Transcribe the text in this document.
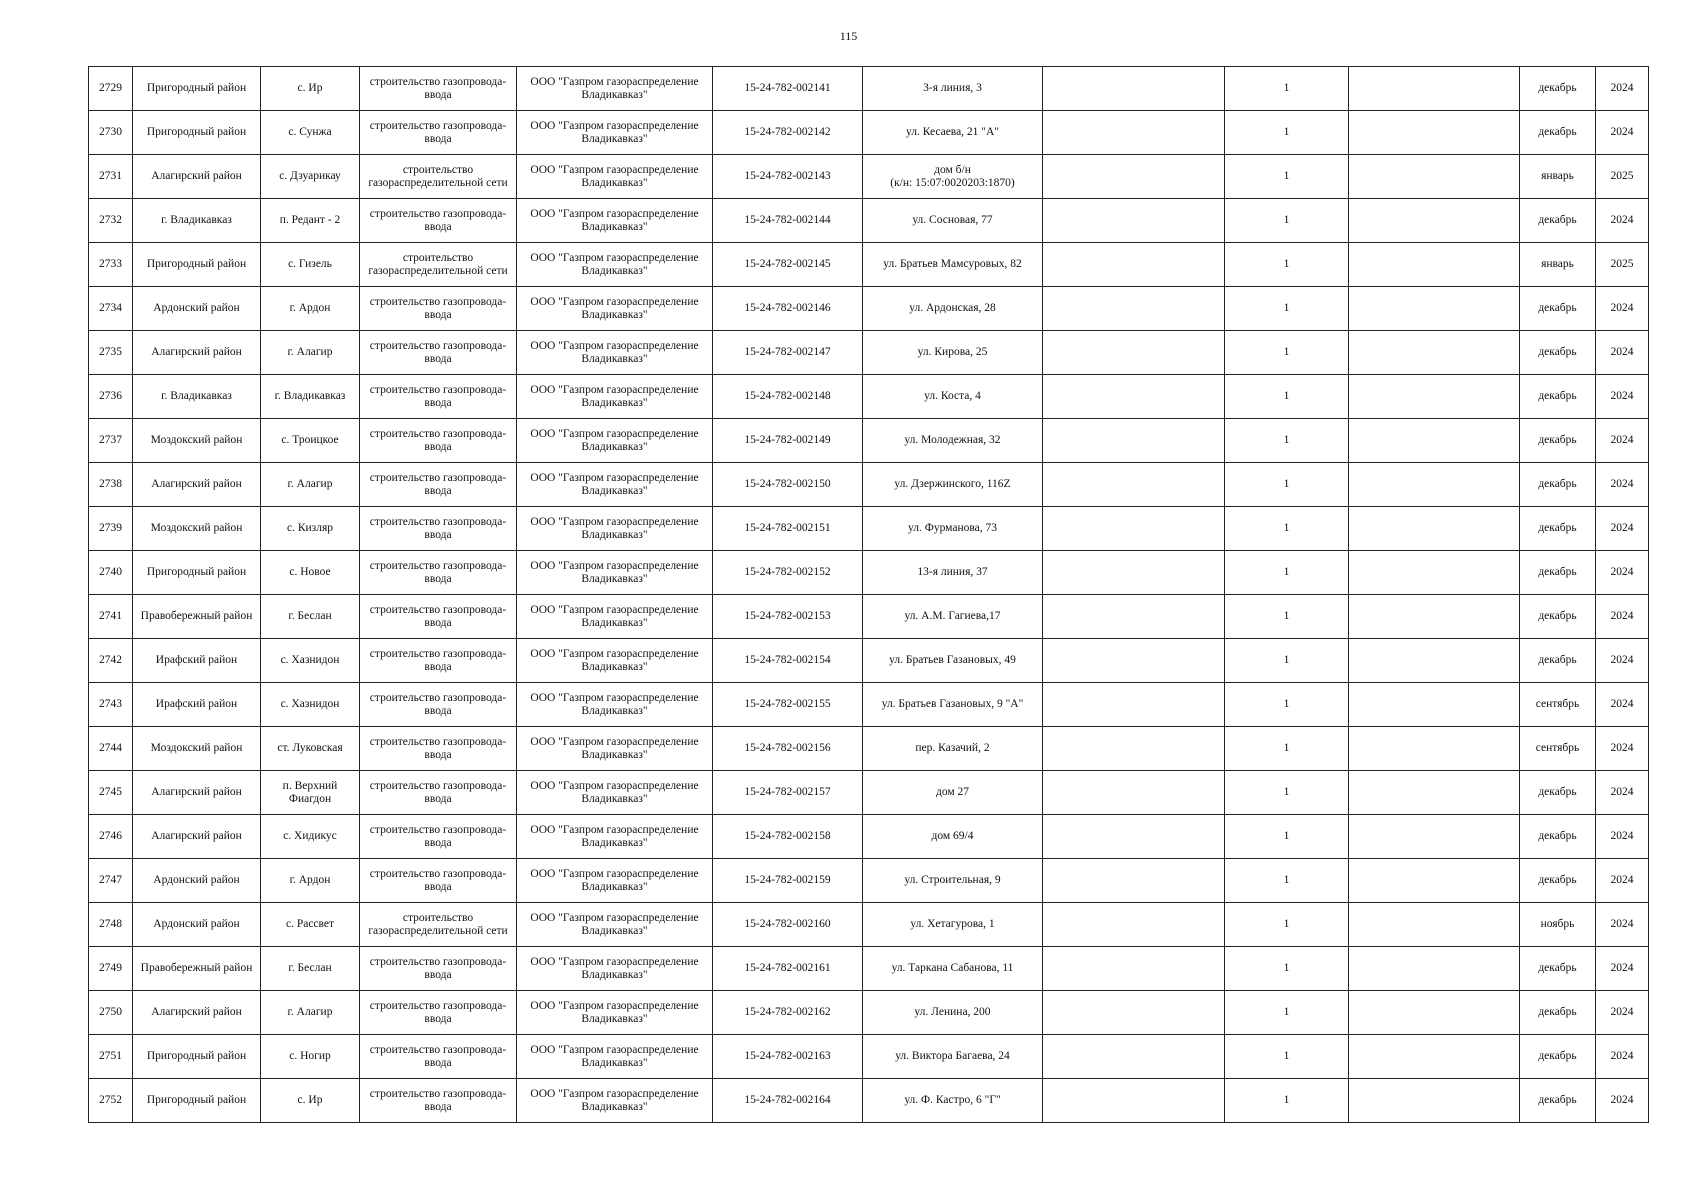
115
2729	Пригородный район	с. Ир	строительство газопровода-
ввода	ООО "Газпром газораспределение
Владикавказ"	15-24-782-002141	3-я линия, 3		1		декабрь	2024
2730	Пригородный район	с. Сунжа	строительство газопровода-
ввода	ООО "Газпром газораспределение
Владикавказ"	15-24-782-002142	ул. Кесаева, 21 "А"		1		декабрь	2024
2731	Алагирский район	с. Дзуарикау	строительство
газораспределительной сети	ООО "Газпром газораспределение
Владикавказ"	15-24-782-002143	дом б/н
(к/н: 15:07:0020203:1870)		1		январь	2025
2732	г. Владикавказ	п. Редант - 2	строительство газопровода-
ввода	ООО "Газпром газораспределение
Владикавказ"	15-24-782-002144	ул. Сосновая, 77		1		декабрь	2024
2733	Пригородный район	с. Гизель	строительство
газораспределительной сети	ООО "Газпром газораспределение
Владикавказ"	15-24-782-002145	ул. Братьев Мамсуровых, 82		1		январь	2025
2734	Ардонский район	г. Ардон	строительство газопровода-
ввода	ООО "Газпром газораспределение
Владикавказ"	15-24-782-002146	ул. Ардонская, 28		1		декабрь	2024
2735	Алагирский район	г. Алагир	строительство газопровода-
ввода	ООО "Газпром газораспределение
Владикавказ"	15-24-782-002147	ул. Кирова, 25		1		декабрь	2024
2736	г. Владикавказ	г. Владикавказ	строительство газопровода-
ввода	ООО "Газпром газораспределение
Владикавказ"	15-24-782-002148	ул. Коста, 4		1		декабрь	2024
2737	Моздокский район	с. Троицкое	строительство газопровода-
ввода	ООО "Газпром газораспределение
Владикавказ"	15-24-782-002149	ул. Молодежная, 32		1		декабрь	2024
2738	Алагирский район	г. Алагир	строительство газопровода-
ввода	ООО "Газпром газораспределение
Владикавказ"	15-24-782-002150	ул. Дзержинского, 116Z		1		декабрь	2024
2739	Моздокский район	с. Кизляр	строительство газопровода-
ввода	ООО "Газпром газораспределение
Владикавказ"	15-24-782-002151	ул. Фурманова, 73		1		декабрь	2024
2740	Пригородный район	с. Новое	строительство газопровода-
ввода	ООО "Газпром газораспределение
Владикавказ"	15-24-782-002152	13-я линия, 37		1		декабрь	2024
2741	Правобережный район	г. Беслан	строительство газопровода-
ввода	ООО "Газпром газораспределение
Владикавказ"	15-24-782-002153	ул. А.М. Гагиева,17		1		декабрь	2024
2742	Ирафский район	с. Хазнидон	строительство газопровода-
ввода	ООО "Газпром газораспределение
Владикавказ"	15-24-782-002154	ул. Братьев Газановых, 49		1		декабрь	2024
2743	Ирафский район	с. Хазнидон	строительство газопровода-
ввода	ООО "Газпром газораспределение
Владикавказ"	15-24-782-002155	ул. Братьев Газановых, 9 "А"		1		сентябрь	2024
2744	Моздокский район	ст. Луковская	строительство газопровода-
ввода	ООО "Газпром газораспределение
Владикавказ"	15-24-782-002156	пер. Казачий, 2		1		сентябрь	2024
2745	Алагирский район	п. Верхний Фиагдон	строительство газопровода-
ввода	ООО "Газпром газораспределение
Владикавказ"	15-24-782-002157	дом 27		1		декабрь	2024
2746	Алагирский район	с. Хидикус	строительство газопровода-
ввода	ООО "Газпром газораспределение
Владикавказ"	15-24-782-002158	дом 69/4		1		декабрь	2024
2747	Ардонский район	г. Ардон	строительство газопровода-
ввода	ООО "Газпром газораспределение
Владикавказ"	15-24-782-002159	ул. Строительная, 9		1		декабрь	2024
2748	Ардонский район	с. Рассвет	строительство
газораспределительной сети	ООО "Газпром газораспределение
Владикавказ"	15-24-782-002160	ул. Хетагурова, 1		1		ноябрь	2024
2749	Правобережный район	г. Беслан	строительство газопровода-
ввода	ООО "Газпром газораспределение
Владикавказ"	15-24-782-002161	ул. Таркана Сабанова, 11		1		декабрь	2024
2750	Алагирский район	г. Алагир	строительство газопровода-
ввода	ООО "Газпром газораспределение
Владикавказ"	15-24-782-002162	ул. Ленина, 200		1		декабрь	2024
2751	Пригородный район	с. Ногир	строительство газопровода-
ввода	ООО "Газпром газораспределение
Владикавказ"	15-24-782-002163	ул. Виктора Багаева, 24		1		декабрь	2024
2752	Пригородный район	с. Ир	строительство газопровода-
ввода	ООО "Газпром газораспределение
Владикавказ"	15-24-782-002164	ул. Ф. Кастро, 6 "Г"		1		декабрь	2024
